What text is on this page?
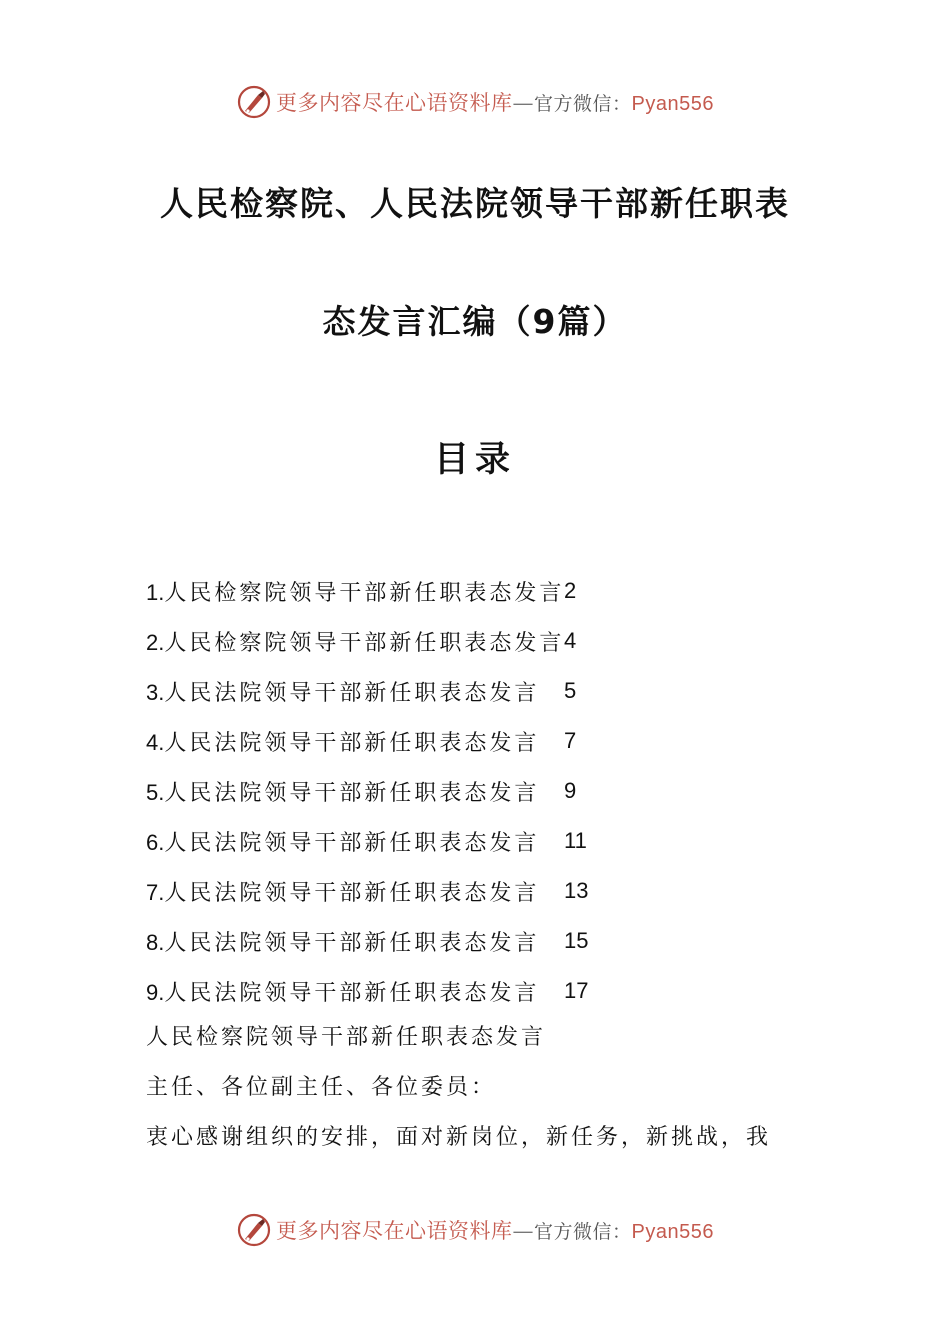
更多内容尽在心语资料库—官方微信：Pyan556
人民检察院、人民法院领导干部新任职表
态发言汇编（9篇）
目录
1.人民检察院领导干部新任职表态发言 2
2.人民检察院领导干部新任职表态发言 4
3.人民法院领导干部新任职表态发言	5
4.人民法院领导干部新任职表态发言	7
5.人民法院领导干部新任职表态发言	9
6.人民法院领导干部新任职表态发言	11
7.人民法院领导干部新任职表态发言	13
8.人民法院领导干部新任职表态发言	15
9.人民法院领导干部新任职表态发言	17
人民检察院领导干部新任职表态发言
主任、各位副主任、各位委员：
衷心感谢组织的安排，面对新岗位，新任务，新挑战，我
更多内容尽在心语资料库—官方微信：Pyan556
